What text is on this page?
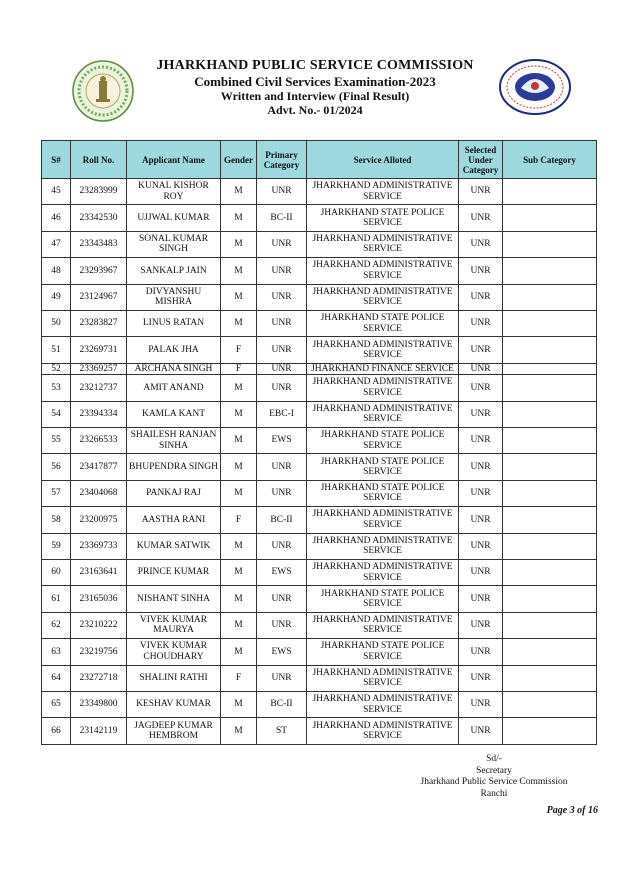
JHARKHAND PUBLIC SERVICE COMMISSION
Combined Civil Services Examination-2023
Written and Interview (Final Result)
Advt. No.- 01/2024
S#	Roll No.	Applicant Name	Gender	Primary Category	Service Alloted	Selected Under Category	Sub Category
45	23283999	KUNAL KISHOR ROY	M	UNR	JHARKHAND ADMINISTRATIVE SERVICE	UNR	
46	23342530	UJJWAL KUMAR	M	BC-II	JHARKHAND STATE POLICE SERVICE	UNR	
47	23343483	SONAL KUMAR SINGH	M	UNR	JHARKHAND ADMINISTRATIVE SERVICE	UNR	
48	23293967	SANKALP JAIN	M	UNR	JHARKHAND ADMINISTRATIVE SERVICE	UNR	
49	23124967	DIVYANSHU MISHRA	M	UNR	JHARKHAND ADMINISTRATIVE SERVICE	UNR	
50	23283827	LINUS RATAN	M	UNR	JHARKHAND STATE POLICE SERVICE	UNR	
51	23269731	PALAK JHA	F	UNR	JHARKHAND ADMINISTRATIVE SERVICE	UNR	
52	23369257	ARCHANA SINGH	F	UNR	JHARKHAND FINANCE SERVICE	UNR	
53	23212737	AMIT ANAND	M	UNR	JHARKHAND ADMINISTRATIVE SERVICE	UNR	
54	23394334	KAMLA KANT	M	EBC-I	JHARKHAND ADMINISTRATIVE SERVICE	UNR	
55	23266533	SHAILESH RANJAN SINHA	M	EWS	JHARKHAND STATE POLICE SERVICE	UNR	
56	23417877	BHUPENDRA SINGH	M	UNR	JHARKHAND STATE POLICE SERVICE	UNR	
57	23404068	PANKAJ RAJ	M	UNR	JHARKHAND STATE POLICE SERVICE	UNR	
58	23200975	AASTHA RANI	F	BC-II	JHARKHAND ADMINISTRATIVE SERVICE	UNR	
59	23369733	KUMAR SATWIK	M	UNR	JHARKHAND ADMINISTRATIVE SERVICE	UNR	
60	23163641	PRINCE KUMAR	M	EWS	JHARKHAND ADMINISTRATIVE SERVICE	UNR	
61	23165036	NISHANT SINHA	M	UNR	JHARKHAND STATE POLICE SERVICE	UNR	
62	23210222	VIVEK KUMAR MAURYA	M	UNR	JHARKHAND ADMINISTRATIVE SERVICE	UNR	
63	23219756	VIVEK KUMAR CHOUDHARY	M	EWS	JHARKHAND STATE POLICE SERVICE	UNR	
64	23272718	SHALINI RATHI	F	UNR	JHARKHAND ADMINISTRATIVE SERVICE	UNR	
65	23349800	KESHAV KUMAR	M	BC-II	JHARKHAND ADMINISTRATIVE SERVICE	UNR	
66	23142119	JAGDEEP KUMAR HEMBROM	M	ST	JHARKHAND ADMINISTRATIVE SERVICE	UNR	
Sd/-
Secretary
Jharkhand Public Service Commission
Ranchi
Page 3 of 16
